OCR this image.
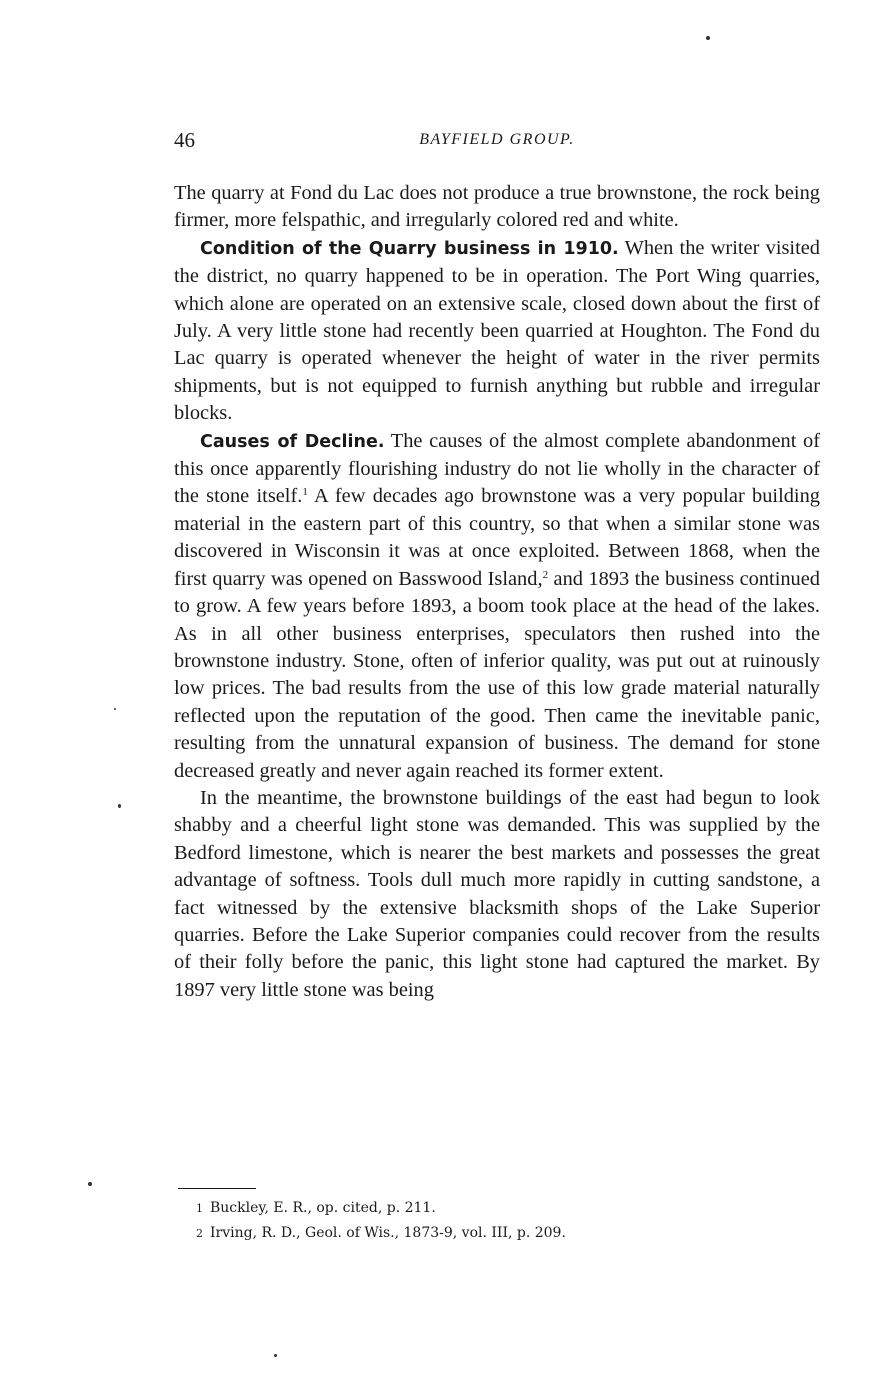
46	BAYFIELD GROUP.

The quarry at Fond du Lac does not produce a true brownstone, the rock being firmer, more felspathic, and irregularly colored red and white.

Condition of the Quarry business in 1910. When the writer visited the district, no quarry happened to be in operation. The Port Wing quarries, which alone are operated on an extensive scale, closed down about the first of July. A very little stone had recently been quarried at Houghton. The Fond du Lac quarry is operated whenever the height of water in the river permits shipments, but is not equipped to furnish anything but rubble and irregular blocks.

Causes of Decline. The causes of the almost complete abandonment of this once apparently flourishing industry do not lie wholly in the character of the stone itself.$^1$ A few decades ago brownstone was a very popular building material in the eastern part of this country, so that when a similar stone was discovered in Wisconsin it was at once exploited. Between 1868, when the first quarry was opened on Basswood Island,$^2$ and 1893 the business continued to grow. A few years before 1893, a boom took place at the head of the lakes. As in all other business enterprises, speculators then rushed into the brownstone industry. Stone, often of inferior quality, was put out at ruinously low prices. The bad results from the use of this low grade material naturally reflected upon the reputation of the good. Then came the inevitable panic, resulting from the unnatural expansion of business. The demand for stone decreased greatly and never again reached its former extent.

In the meantime, the brownstone buildings of the east had begun to look shabby and a cheerful light stone was demanded. This was supplied by the Bedford limestone, which is nearer the best markets and possesses the great advantage of softness. Tools dull much more rapidly in cutting sandstone, a fact witnessed by the extensive blacksmith shops of the Lake Superior quarries. Before the Lake Superior companies could recover from the results of their folly before the panic, this light stone had captured the market. By 1897 very little stone was being

1 Buckley, E. R., op. cited, p. 211.
2 Irving, R. D., Geol. of Wis., 1873-9, vol. III, p. 209.
